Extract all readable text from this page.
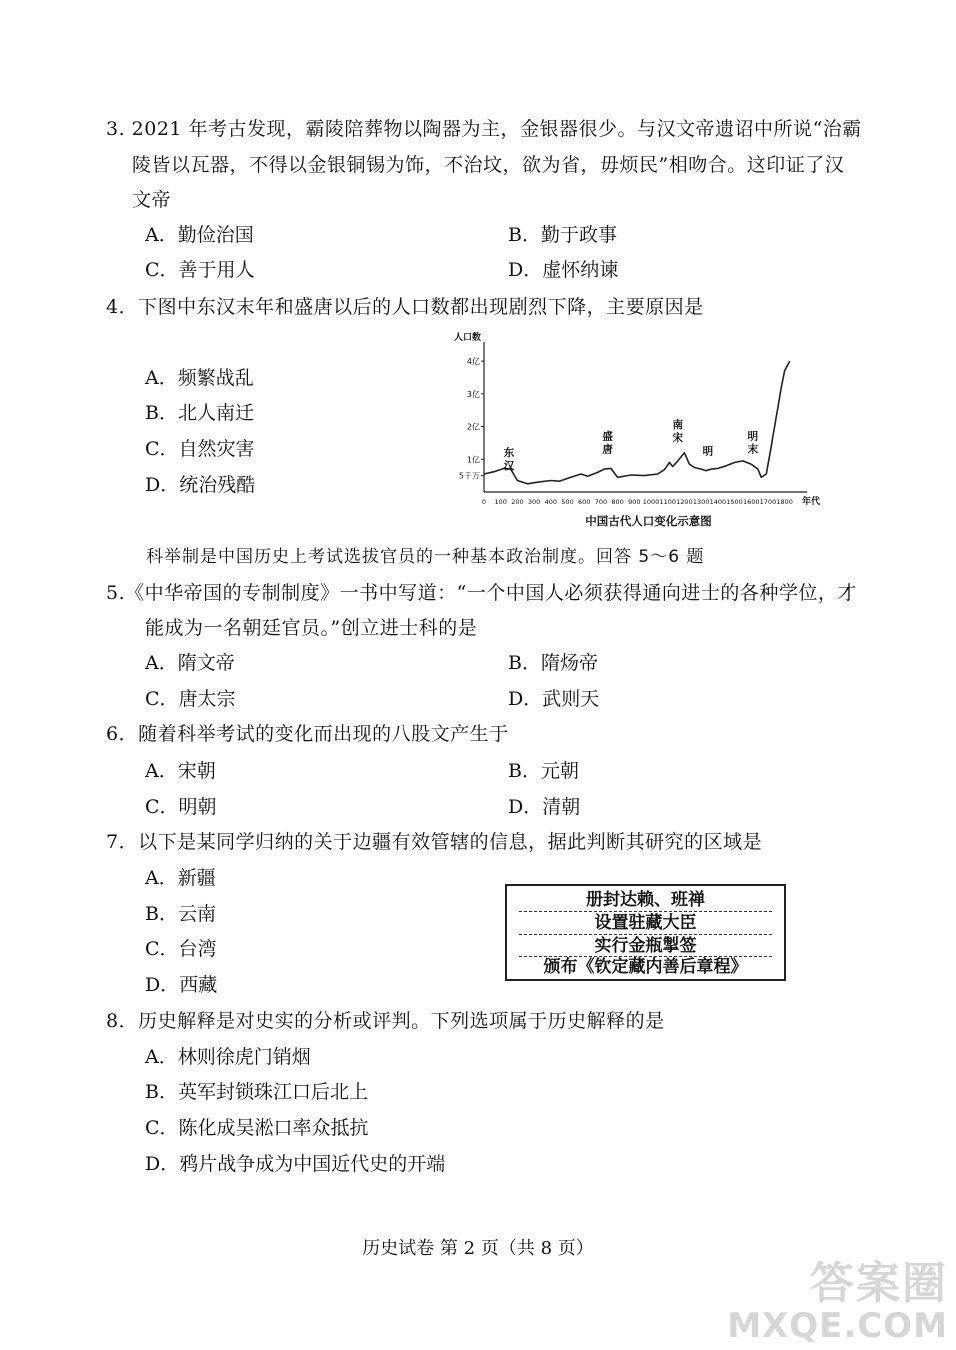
3. 2021 年考古发现，霸陵陪葬物以陶器为主，金银器很少。与汉文帝遗诏中所说“治霸
陵皆以瓦器，不得以金银铜锡为饰，不治坟，欲为省，毋烦民”相吻合。这印证了汉
文帝
A．勤俭治国	B．勤于政事
C．善于用人	D．虚怀纳谏
4．下图中东汉末年和盛唐以后的人口数都出现剧烈下降，主要原因是
A．频繁战乱
B．北人南迁
C．自然灾害
D．统治残酷	5千万
1亿
2亿
3亿
4亿
0 100 200 300 400 500 600 700 800 900 1000 1100 1200 1300 1400 1500 1600 1700 1800
人口数
年代
中国古代人口变化示意图
东
汉
盛
唐
南
宋
明
明
末
科举制是中国历史上考试选拔官员的一种基本政治制度。回答 5～6 题
5.《中华帝国的专制制度》一书中写道：“一个中国人必须获得通向进士的各种学位，才
能成为一名朝廷官员。”创立进士科的是
A．隋文帝	B．隋炀帝
C．唐太宗	D．武则天
6．随着科举考试的变化而出现的八股文产生于
A．宋朝	B．元朝
C．明朝	D．清朝
7．以下是某同学归纳的关于边疆有效管辖的信息，据此判断其研究的区域是
A．新疆
B．云南
C．台湾
D．西藏
册封达赖、班禅
设置驻藏大臣
实行金瓶掣签
颁布《钦定藏内善后章程》
8．历史解释是对史实的分析或评判。下列选项属于历史解释的是
A．林则徐虎门销烟
B．英军封锁珠江口后北上
C．陈化成吴淞口率众抵抗
D．鸦片战争成为中国近代史的开端
历史试卷 第 2 页（共 8 页）
答案圈
MXQE.COM
